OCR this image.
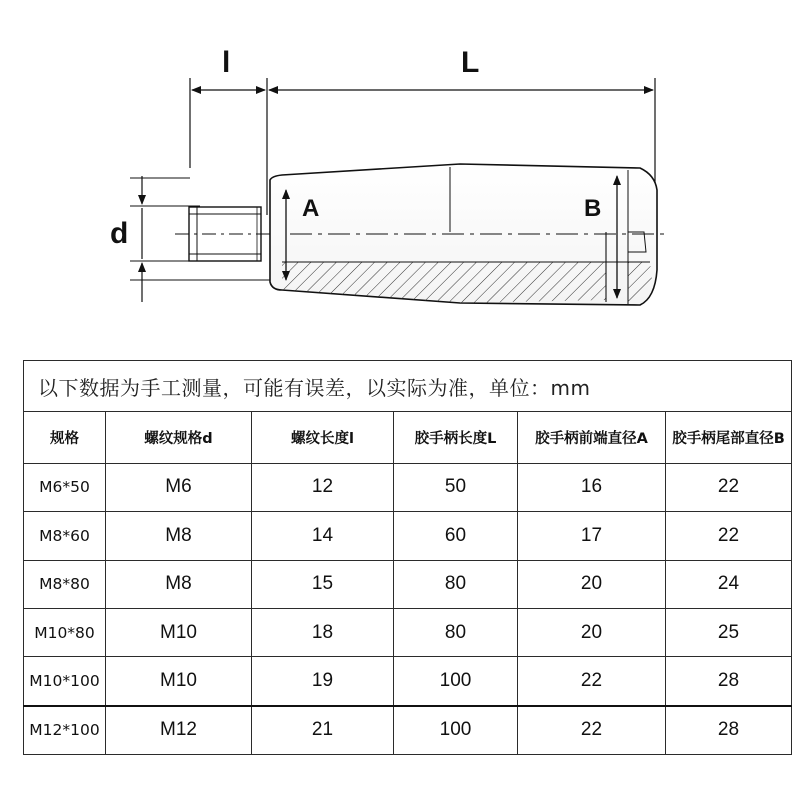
l	L
d
A	B
以下数据为手工测量，可能有误差，以实际为准，单位：mm					
规格	螺纹规格d	螺纹长度l	胶手柄长度L	胶手柄前端直径A	胶手柄尾部直径B
M6*50	M6	12	50	16	22
M8*60	M8	14	60	17	22
M8*80	M8	15	80	20	24
M10*80	M10	18	80	20	25
M10*100	M10	19	100	22	28
M12*100	M12	21	100	22	28
